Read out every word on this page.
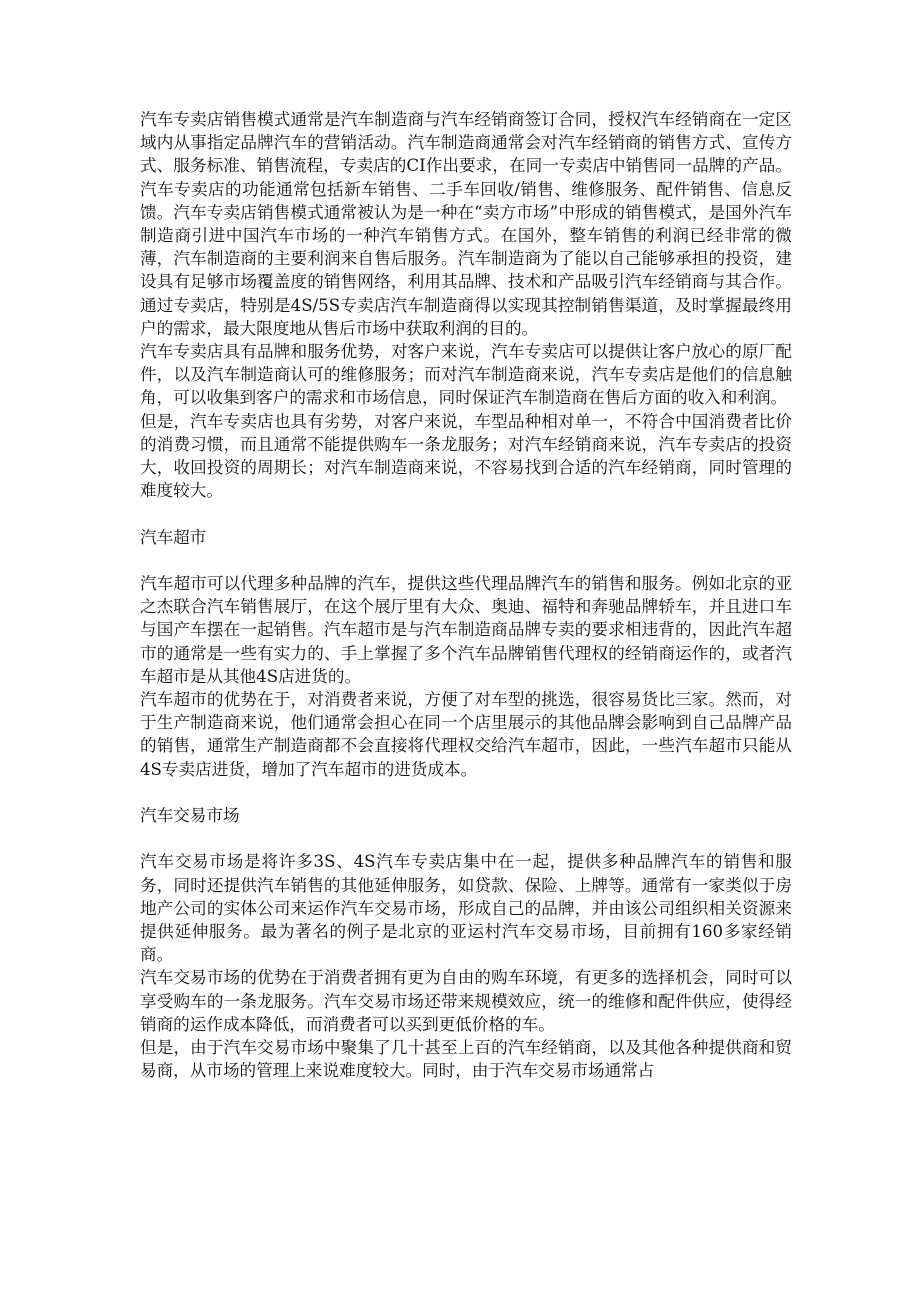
汽车专卖店销售模式通常是汽车制造商与汽车经销商签订合同，授权汽车经销商在一定区域内从事指定品牌汽车的营销活动。汽车制造商通常会对汽车经销商的销售方式、宣传方式、服务标准、销售流程，专卖店的CI作出要求，在同一专卖店中销售同一品牌的产品。汽车专卖店的功能通常包括新车销售、二手车回收/销售、维修服务、配件销售、信息反馈。汽车专卖店销售模式通常被认为是一种在“卖方市场”中形成的销售模式，是国外汽车制造商引进中国汽车市场的一种汽车销售方式。在国外，整车销售的利润已经非常的微薄，汽车制造商的主要利润来自售后服务。汽车制造商为了能以自己能够承担的投资，建设具有足够市场覆盖度的销售网络，利用其品牌、技术和产品吸引汽车经销商与其合作。通过专卖店，特别是4S/5S专卖店汽车制造商得以实现其控制销售渠道，及时掌握最终用户的需求，最大限度地从售后市场中获取利润的目的。

汽车专卖店具有品牌和服务优势，对客户来说，汽车专卖店可以提供让客户放心的原厂配件，以及汽车制造商认可的维修服务；而对汽车制造商来说，汽车专卖店是他们的信息触角，可以收集到客户的需求和市场信息，同时保证汽车制造商在售后方面的收入和利润。

但是，汽车专卖店也具有劣势，对客户来说，车型品种相对单一，不符合中国消费者比价的消费习惯，而且通常不能提供购车一条龙服务；对汽车经销商来说，汽车专卖店的投资大，收回投资的周期长；对汽车制造商来说，不容易找到合适的汽车经销商，同时管理的难度较大。

汽车超市

汽车超市可以代理多种品牌的汽车，提供这些代理品牌汽车的销售和服务。例如北京的亚之杰联合汽车销售展厅，在这个展厅里有大众、奥迪、福特和奔驰品牌轿车，并且进口车与国产车摆在一起销售。汽车超市是与汽车制造商品牌专卖的要求相违背的，因此汽车超市的通常是一些有实力的、手上掌握了多个汽车品牌销售代理权的经销商运作的，或者汽车超市是从其他4S店进货的。

汽车超市的优势在于，对消费者来说，方便了对车型的挑选，很容易货比三家。然而，对于生产制造商来说，他们通常会担心在同一个店里展示的其他品牌会影响到自己品牌产品的销售，通常生产制造商都不会直接将代理权交给汽车超市，因此，一些汽车超市只能从4S专卖店进货，增加了汽车超市的进货成本。

汽车交易市场

汽车交易市场是将许多3S、4S汽车专卖店集中在一起，提供多种品牌汽车的销售和服务，同时还提供汽车销售的其他延伸服务，如贷款、保险、上牌等。通常有一家类似于房地产公司的实体公司来运作汽车交易市场，形成自己的品牌，并由该公司组织相关资源来提供延伸服务。最为著名的例子是北京的亚运村汽车交易市场，目前拥有160多家经销商。

汽车交易市场的优势在于消费者拥有更为自由的购车环境，有更多的选择机会，同时可以享受购车的一条龙服务。汽车交易市场还带来规模效应，统一的维修和配件供应，使得经销商的运作成本降低，而消费者可以买到更低价格的车。

但是，由于汽车交易市场中聚集了几十甚至上百的汽车经销商，以及其他各种提供商和贸易商，从市场的管理上来说难度较大。同时，由于汽车交易市场通常占
